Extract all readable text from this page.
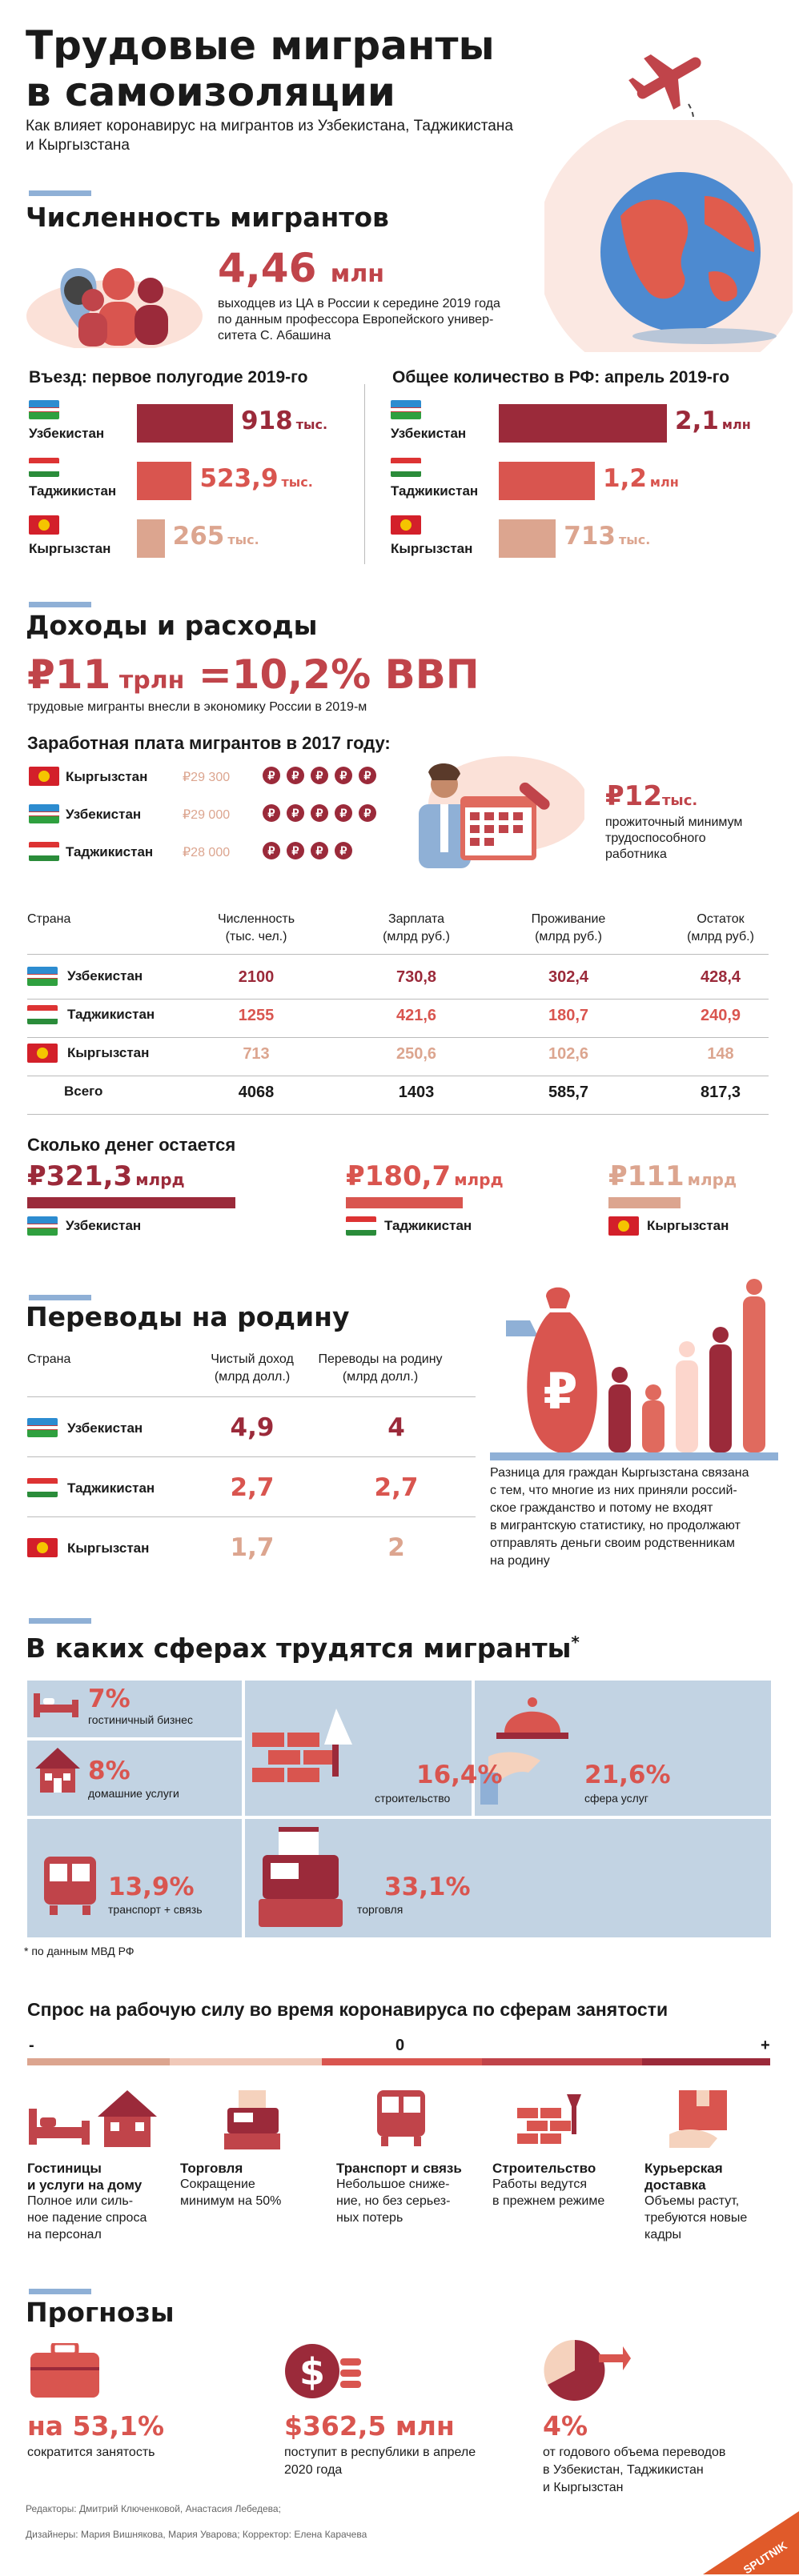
Трудовые мигранты
в самоизоляции
Как влияет коронавирус на мигрантов из Узбекистана, Таджикистана
и Кыргызстана
Численность мигрантов
4,46 млн
выходцев из ЦА в России к середине 2019 года
по данным профессора Европейского универ-
ситета С. Абашина
Въезд: первое полугодие 2019-го	Общее количество в РФ: апрель 2019-го
Узбекистан	918 тыс.
Таджикистан	523,9 тыс.
Кыргызстан 265 тыс.
Узбекистан	2,1 млн
Таджикистан	1,2 млн
Кыргызстан	713 тыс.
Доходы и расходы
₽11 трлн =10,2% ВВП
трудовые мигранты внесли в экономику России в 2019-м
Заработная плата мигрантов в 2017 году:
Кыргызстан	₽29 300	₽	₽	₽	₽	₽
Узбекистан	₽29 000	₽	₽	₽	₽	₽
Таджикистан ₽28 000	₽	₽	₽	₽
₽12тыс.
прожиточный минимум
трудоспособного
работника
Страна	Численность
(тыс. чел.)
Зарплата
(млрд руб.)
Проживание
(млрд руб.)
Остаток
(млрд руб.)
Узбекистан	2100	730,8	302,4	428,4
Таджикистан	1255	421,6	180,7	240,9
Кыргызстан	713	250,6	102,6	148
Всего	4068	1403	585,7	817,3
Сколько денег остается
₽321,3 млрд
Узбекистан
₽180,7 млрд
Таджикистан
₽111 млрд
Кыргызстан
Переводы на родину
Страна	Чистый доход
(млрд долл.)
Переводы на родину
(млрд долл.)
Узбекистан	4,9	4
Таджикистан	2,7	2,7
Кыргызстан	1,7	2
₽
Разница для граждан Кыргызстана связана
с тем, что многие из них приняли россий-
ское гражданство и потому не входят
в мигрантскую статистику, но продолжают
отправлять деньги своим родственникам
на родину
В каких сферах трудятся мигранты*
7%
гостиничный бизнес
8%
домашние услуги
16,4%
строительство
21,6%
сфера услуг
13,9%
транспорт + связь
33,1%
торговля
* по данным МВД РФ
Спрос на рабочую силу во время коронавируса по сферам занятости
-	0	+
Гостиницы
и услуги на дому
Полное или силь-
ное падение спроса
на персонал
Торговля
Сокращение
минимум на 50%
Транспорт и связь
Небольшое сниже-
ние, но без серьез-
ных потерь
Строительство
Работы ведутся
в прежнем режиме
Курьерская
доставка
Объемы растут,
требуются новые
кадры
Прогнозы
$
на 53,1%
сократится занятость
$362,5 млн
поступит в республики в апреле
2020 года
4%
от годового объема переводов
в Узбекистан, Таджикистан
и Кыргызстан
Редакторы: Дмитрий Ключенковой, Анастасия Лебедева;
Дизайнеры: Мария Вишнякова, Мария Уварова; Корректор: Елена Карачева
SPUTNIK
